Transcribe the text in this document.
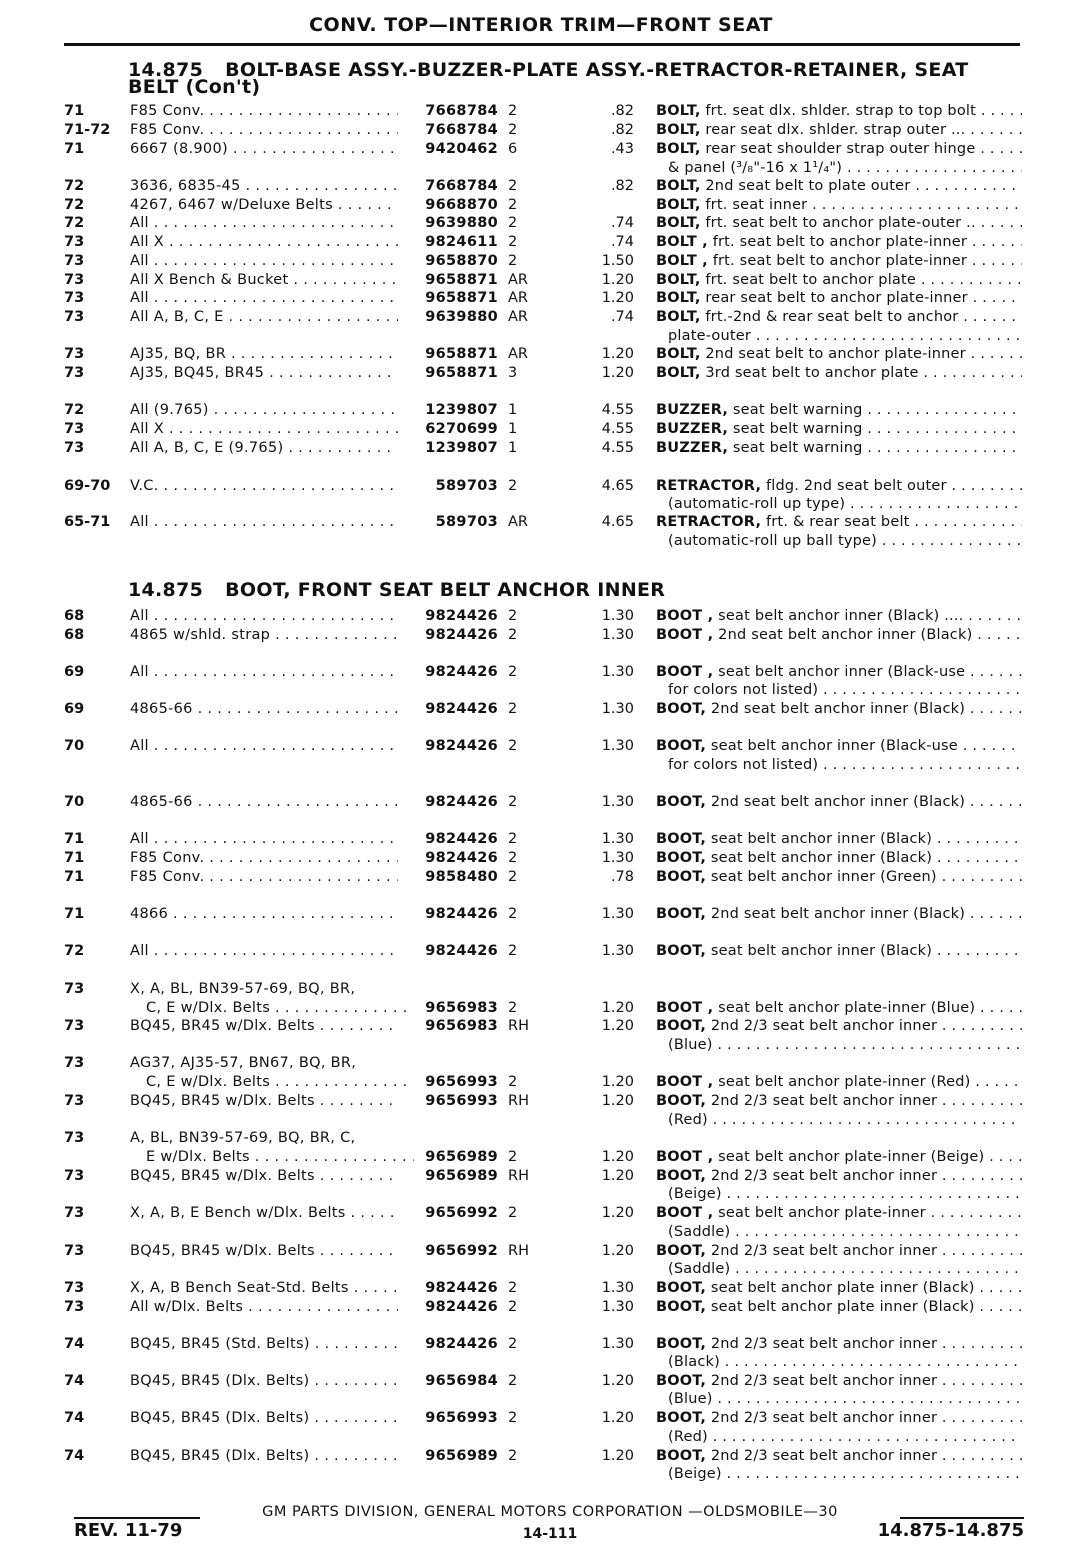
CONV. TOP—INTERIOR TRIM—FRONT SEAT
14.875 BOLT-BASE ASSY.-BUZZER-PLATE ASSY.-RETRACTOR-RETAINER, SEAT
BELT (Con't)
71	F85 Conv. . . .	7668784 2	.82 BOLT, frt. seat dlx. shlder. strap to top bolt . . .
71-72	F85 Conv. . . .	7668784 2	.82 BOLT, rear seat dlx. shlder. strap outer ... . . .
71	6667 (8.900) . . .	9420462 6	.43 BOLT, rear seat shoulder strap outer hinge . . .
& panel (³/₈"-16 x 1¹/₄") . . .
72	3636, 6835-45 . . .	7668784 2	.82 BOLT, 2nd seat belt to plate outer . . .
72	4267, 6467 w/Deluxe Belts . . .	9668870 2	BOLT, frt. seat inner . . .
72	All . . .	9639880 2	.74 BOLT, frt. seat belt to anchor plate-outer .. . . .
73	All X . . .	9824611 2	.74 BOLT , frt. seat belt to anchor plate-inner . . . .
73	All . . .	9658870 2	1.50 BOLT , frt. seat belt to anchor plate-inner . . . .
73	All X Bench & Bucket . . .	9658871 AR	1.20 BOLT, frt. seat belt to anchor plate . . .
73	All . . .	9658871 AR	1.20 BOLT, rear seat belt to anchor plate-inner . . . .
73	All A, B, C, E . . .	9639880 AR	.74 BOLT, frt.-2nd & rear seat belt to anchor . . .
plate-outer . . .
73	AJ35, BQ, BR . . .	9658871 AR	1.20 BOLT, 2nd seat belt to anchor plate-inner . . . .
73	AJ35, BQ45, BR45 . . .	9658871 3	1.20 BOLT, 3rd seat belt to anchor plate . . .
72	All (9.765) . . .	1239807 1	4.55 BUZZER, seat belt warning . . .
73	All X . . .	6270699 1	4.55 BUZZER, seat belt warning . . .
73	All A, B, C, E (9.765) . . .	1239807 1	4.55 BUZZER, seat belt warning . . .
69-70	V.C. . . .	589703 2	4.65 RETRACTOR, fldg. 2nd seat belt outer . . .
(automatic-roll up type) . . .
65-71	All . . .	589703 AR	4.65 RETRACTOR, frt. & rear seat belt . . .
(automatic-roll up ball type) . . .
14.875 BOOT, FRONT SEAT BELT ANCHOR INNER
68	All . . .	9824426 2	1.30 BOOT , seat belt anchor inner (Black) .... . . .
68	4865 w/shld. strap . . .	9824426 2	1.30 BOOT , 2nd seat belt anchor inner (Black) . . . .
69	All . . .	9824426 2	1.30 BOOT , seat belt anchor inner (Black-use . . .
for colors not listed) . . .
69	4865-66 . . .	9824426 2	1.30 BOOT, 2nd seat belt anchor inner (Black) . . . .
70	All . . .	9824426 2	1.30 BOOT, seat belt anchor inner (Black-use . . .
for colors not listed) . . .
70	4865-66 . . .	9824426 2	1.30 BOOT, 2nd seat belt anchor inner (Black) . . . .
71	All . . .	9824426 2	1.30 BOOT, seat belt anchor inner (Black) . . .
71	F85 Conv. . . .	9824426 2	1.30 BOOT, seat belt anchor inner (Black) . . .
71	F85 Conv. . . .	9858480 2	.78 BOOT, seat belt anchor inner (Green) . . .
71	4866 . . .	9824426 2	1.30 BOOT, 2nd seat belt anchor inner (Black) . . . .
72	All . . .	9824426 2	1.30 BOOT, seat belt anchor inner (Black) . . .
73	X, A, BL, BN39-57-69, BQ, BR,
C, E w/Dlx. Belts . . .	9656983 2	1.20 BOOT , seat belt anchor plate-inner (Blue) . . . .
73	BQ45, BR45 w/Dlx. Belts . . .	9656983 RH	1.20 BOOT, 2nd 2/3 seat belt anchor inner . . .
(Blue) . . .
73	AG37, AJ35-57, BN67, BQ, BR,
C, E w/Dlx. Belts . . .	9656993 2	1.20 BOOT , seat belt anchor plate-inner (Red) . . .
73	BQ45, BR45 w/Dlx. Belts . . .	9656993 RH	1.20 BOOT, 2nd 2/3 seat belt anchor inner . . .
(Red) . . .
73	A, BL, BN39-57-69, BQ, BR, C,
E w/Dlx. Belts . . .	9656989 2	1.20 BOOT , seat belt anchor plate-inner (Beige) . . .
73	BQ45, BR45 w/Dlx. Belts . . .	9656989 RH	1.20 BOOT, 2nd 2/3 seat belt anchor inner . . .
(Beige) . . .
73	X, A, B, E Bench w/Dlx. Belts . . .	9656992 2	1.20 BOOT , seat belt anchor plate-inner . . .
(Saddle) . . .
73	BQ45, BR45 w/Dlx. Belts . . .	9656992 RH	1.20 BOOT, 2nd 2/3 seat belt anchor inner . . .
(Saddle) . . .
73	X, A, B Bench Seat-Std. Belts . . .	9824426 2	1.30 BOOT, seat belt anchor plate inner (Black) . . .
73	All w/Dlx. Belts . . .	9824426 2	1.30 BOOT, seat belt anchor plate inner (Black) . . .
74	BQ45, BR45 (Std. Belts) . . .	9824426 2	1.30 BOOT, 2nd 2/3 seat belt anchor inner . . .
(Black) . . .
74	BQ45, BR45 (Dlx. Belts) . . .	9656984 2	1.20 BOOT, 2nd 2/3 seat belt anchor inner . . .
(Blue) . . .
74	BQ45, BR45 (Dlx. Belts) . . .	9656993 2	1.20 BOOT, 2nd 2/3 seat belt anchor inner . . .
(Red) . . .
74	BQ45, BR45 (Dlx. Belts) . . .	9656989 2	1.20 BOOT, 2nd 2/3 seat belt anchor inner . . .
(Beige) . . .
GM PARTS DIVISION, GENERAL MOTORS CORPORATION —OLDSMOBILE—30
REV. 11-79	14-111	14.875-14.875
